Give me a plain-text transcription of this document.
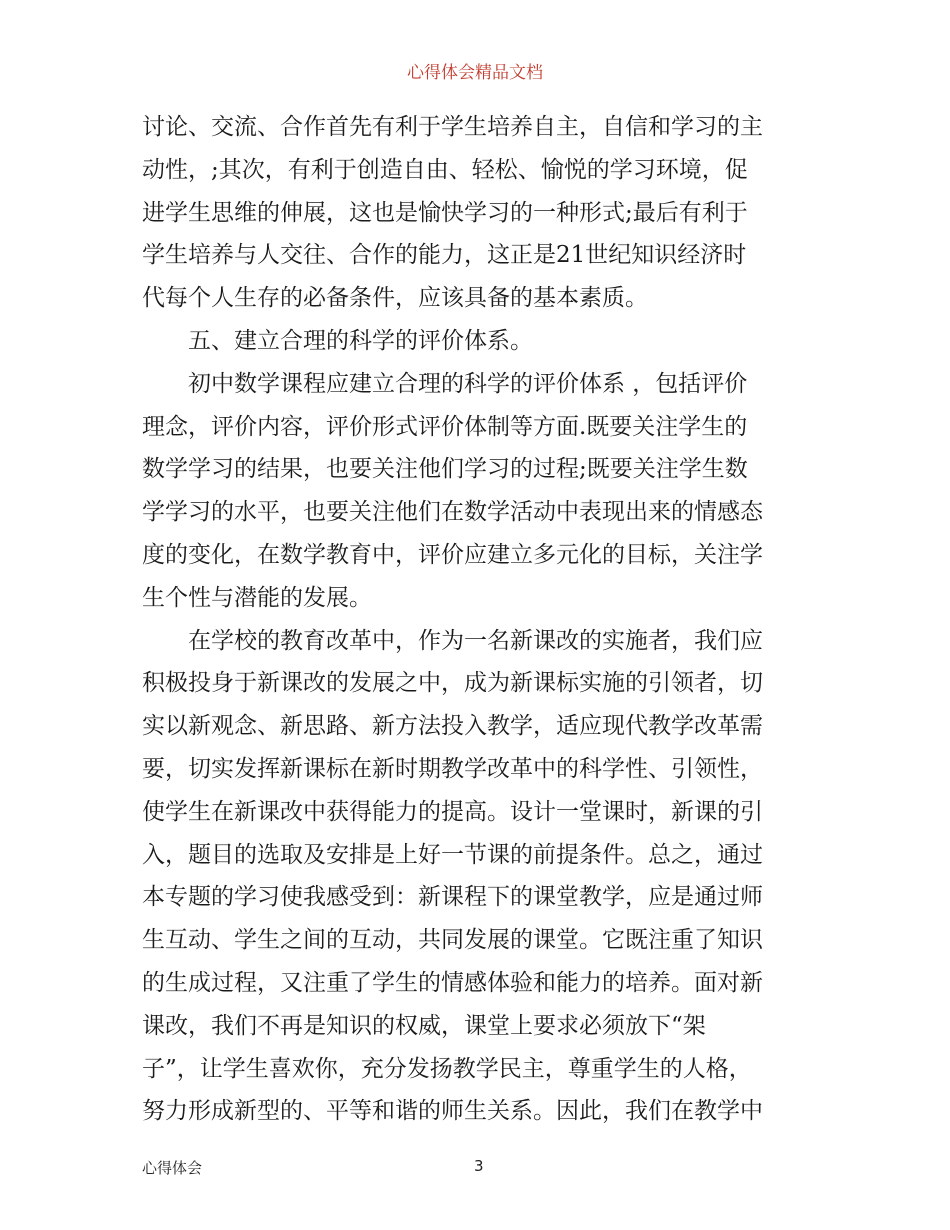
心得体会精品文档
讨论、交流、合作首先有利于学生培养自主，自信和学习的主
动性，;其次，有利于创造自由、轻松、愉悦的学习环境，促
进学生思维的伸展，这也是愉快学习的一种形式;最后有利于
学生培养与人交往、合作的能力，这正是21世纪知识经济时
代每个人生存的必备条件，应该具备的基本素质。
五、建立合理的科学的评价体系。
初中数学课程应建立合理的科学的评价体系 ，包括评价
理念，评价内容，评价形式评价体制等方面.既要关注学生的
数学学习的结果，也要关注他们学习的过程;既要关注学生数
学学习的水平，也要关注他们在数学活动中表现出来的情感态
度的变化，在数学教育中，评价应建立多元化的目标，关注学
生个性与潜能的发展。
在学校的教育改革中，作为一名新课改的实施者，我们应
积极投身于新课改的发展之中，成为新课标实施的引领者，切
实以新观念、新思路、新方法投入教学，适应现代教学改革需
要，切实发挥新课标在新时期教学改革中的科学性、引领性，
使学生在新课改中获得能力的提高。设计一堂课时，新课的引
入，题目的选取及安排是上好一节课的前提条件。总之，通过
本专题的学习使我感受到：新课程下的课堂教学，应是通过师
生互动、学生之间的互动，共同发展的课堂。它既注重了知识
的生成过程，又注重了学生的情感体验和能力的培养。面对新
课改，我们不再是知识的权威，课堂上要求必须放下“架
子”，让学生喜欢你，充分发扬教学民主，尊重学生的人格，
努力形成新型的、平等和谐的师生关系。因此，我们在教学中
心得体会	3
